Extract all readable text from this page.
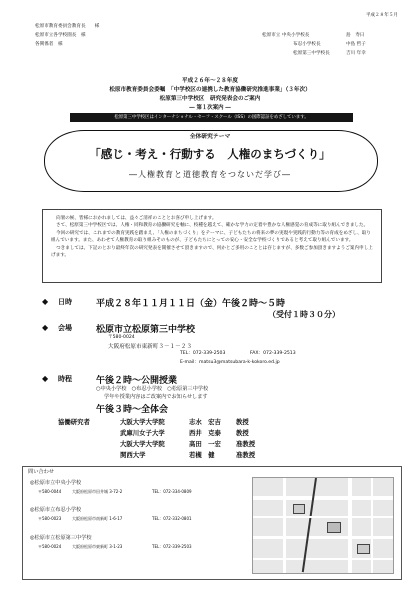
平成２８年５月
松原市教育委員会教育長　　様
松原市立各学校園長　様
各関係者　様
松原市立 中央小学校長	島　寿日
布忍小学校長	中島 哲子
松原第三中学校長	吉川 年幸
平成２６年～２８年度
松原市教育委員会委嘱　「中学校区の連携した教育協働研究推進事業」（３年次）
松原第三中学校区　研究発表会のご案内
― 第１次案内 ―
松原第三中学校区はインターナショナル・セーフ・スクール（ISS）の国際認証をめざしています。
全体研究テーマ
「感じ・考え・行動する　人権のまちづくり」
―人権教育と道徳教育をつないだ学び―

向暑の候、皆様におかれましては、益々ご清祥のこととお喜び申し上げます。

さて、松原第三中学校区では、人権・同和教育の協働研究を軸に、校種を越えて、確かな学力の定着や豊かな人権感覚の育成等に取り組んできました。

今回の研究では、これまでの教育実践を踏まえ、「人権のまちづくり」をテーマに、子どもたちの将来の夢の実現や実践的行動力等の育成をめざし、取り組んでいます。また、あわせて人権教育の取り組みそのものが、子どもたちにとっての安心・安全な学校づくりであると考えて取り組んでいます。

つきましては、下記のとおり最終年次の研究発表を開催させて頂きますので、何かとご多用のこととは存じますが、多数ご参加頂きますようご案内申し上げます。

◆ 日時	平成２８年１１月１１日（金）午後２時～５時
（受付１時３０分）
◆ 会場	松原市立松原第三中学校
〒580-0024
大阪府松原市東新町３－１－２３
TEL：072-339-2503	FAX：072-339-2513
E-mail：matsu3@matsubara-k-kokoro.ed.jp
◆ 時程	午後２時～公開授業
○中央小学校　○布忍小学校　○松原第三中学校
学年や授業内容はご改案内でお知らせします
午後３時～全体会
協働研究者	大阪大学大学院	志水　宏吉 教授
武庫川女子大学	西井　克泰 教授
大阪大学大学院	高田　一宏 准教授
関西大学	若槻　健	准教授
問い合わせ
◎松原市立中央小学校
〒580-0044	大阪府松原市田井城 3-72-2	TEL：072-334-0809
◎松原市立布忍小学校
〒580-0023	大阪府松原市南新町 1-6-17	TEL：072-332-0801
◎松原市立松原第三中学校
〒580-0024	大阪府松原市東新町 3-1-23	TEL：072-339-2503
